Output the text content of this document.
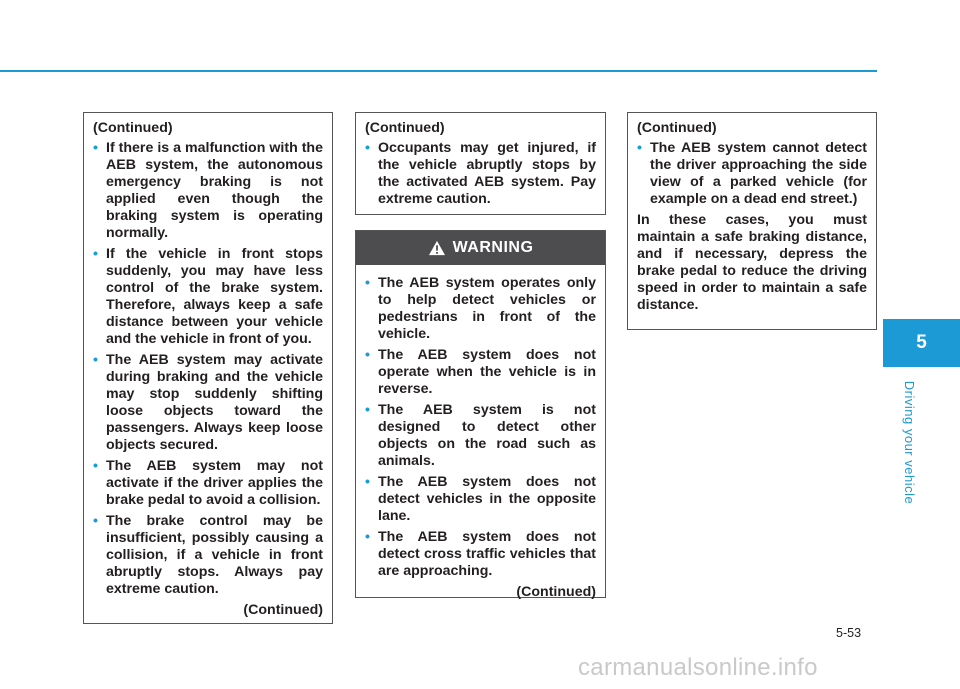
(Continued)
• If there is a malfunction with the AEB system, the autonomous emergency braking is not applied even though the braking system is operating normally.
• If the vehicle in front stops suddenly, you may have less control of the brake system. Therefore, always keep a safe distance between your vehicle and the vehicle in front of you.
• The AEB system may activate during braking and the vehicle may stop suddenly shifting loose objects toward the passengers. Always keep loose objects secured.
• The AEB system may not activate if the driver applies the brake pedal to avoid a collision.
• The brake control may be insufficient, possibly causing a collision, if a vehicle in front abruptly stops. Always pay extreme caution.
(Continued)
(Continued)
• Occupants may get injured, if the vehicle abruptly stops by the activated AEB system. Pay extreme caution.
WARNING
• The AEB system operates only to help detect vehicles or pedestrians in front of the vehicle.
• The AEB system does not operate when the vehicle is in reverse.
• The AEB system is not designed to detect other objects on the road such as animals.
• The AEB system does not detect vehicles in the opposite lane.
• The AEB system does not detect cross traffic vehicles that are approaching.
(Continued)
(Continued)
• The AEB system cannot detect the driver approaching the side view of a parked vehicle (for example on a dead end street.)

In these cases, you must maintain a safe braking distance, and if necessary, depress the brake pedal to reduce the driving speed in order to maintain a safe distance.

5
Driving your vehicle
5-53
carmanualsonline.info
